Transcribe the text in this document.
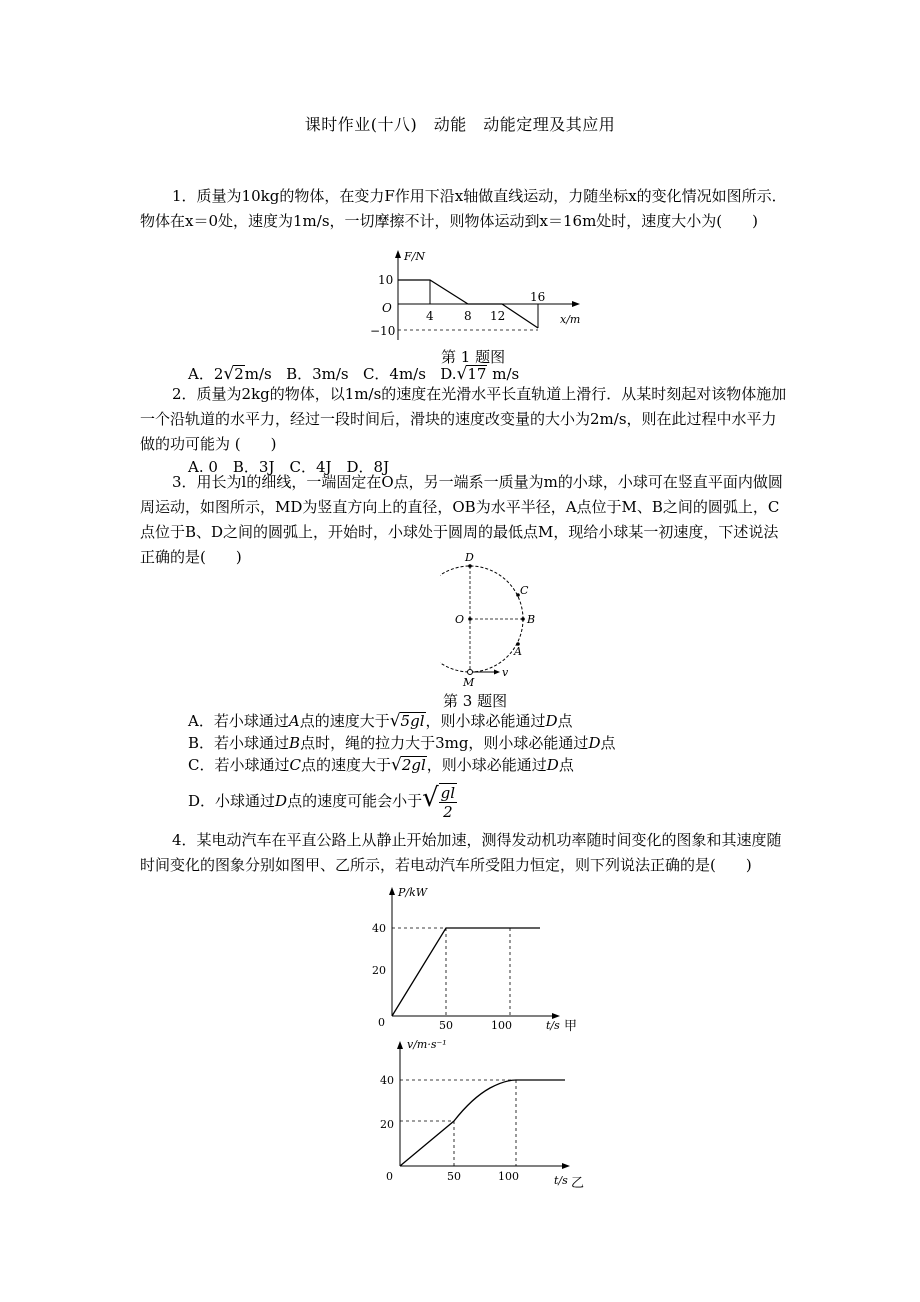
课时作业(十八)　动能　动能定理及其应用
1．质量为10kg的物体，在变力F作用下沿x轴做直线运动，力随坐标x的变化情况如图所示．物体在x＝0处，速度为1m/s，一切摩擦不计，则物体运动到x＝16m处时，速度大小为(　　)
F/N
10
O
−10
4	8 12
16
x/m
第 1 题图
A．2√2m/s B．3m/s C．4m/s D.√17 m/s
2．质量为2kg的物体，以1m/s的速度在光滑水平长直轨道上滑行．从某时刻起对该物体施加一个沿轨道的水平力，经过一段时间后，滑块的速度改变量的大小为2m/s，则在此过程中水平力做的功可能为 (　　)
A. 0　B．3J　C．4J　D．8J
3．用长为l的细线，一端固定在O点，另一端系一质量为m的小球，小球可在竖直平面内做圆周运动，如图所示，MD为竖直方向上的直径，OB为水平半径，A点位于M、B之间的圆弧上，C点位于B、D之间的圆弧上，开始时，小球处于圆周的最低点M，现给小球某一初速度，下述说法正确的是(　　)	D
C
O	B
A
M
v
第 3 题图
A．若小球通过A点的速度大于√5gl，则小球必能通过D点
B．若小球通过B点时，绳的拉力大于3mg，则小球必能通过D点
C．若小球通过C点的速度大于√2gl，则小球必能通过D点
D．小球通过D点的速度可能会小于√ $\frac{gl}{2}$
4．某电动汽车在平直公路上从静止开始加速，测得发动机功率随时间变化的图象和其速度随时间变化的图象分别如图甲、乙所示，若电动汽车所受阻力恒定，则下列说法正确的是(　　)
P/kW
40
20
0	50	100	t/s 甲
v/m·s⁻¹
40
20
0	50	100	t/s 乙
